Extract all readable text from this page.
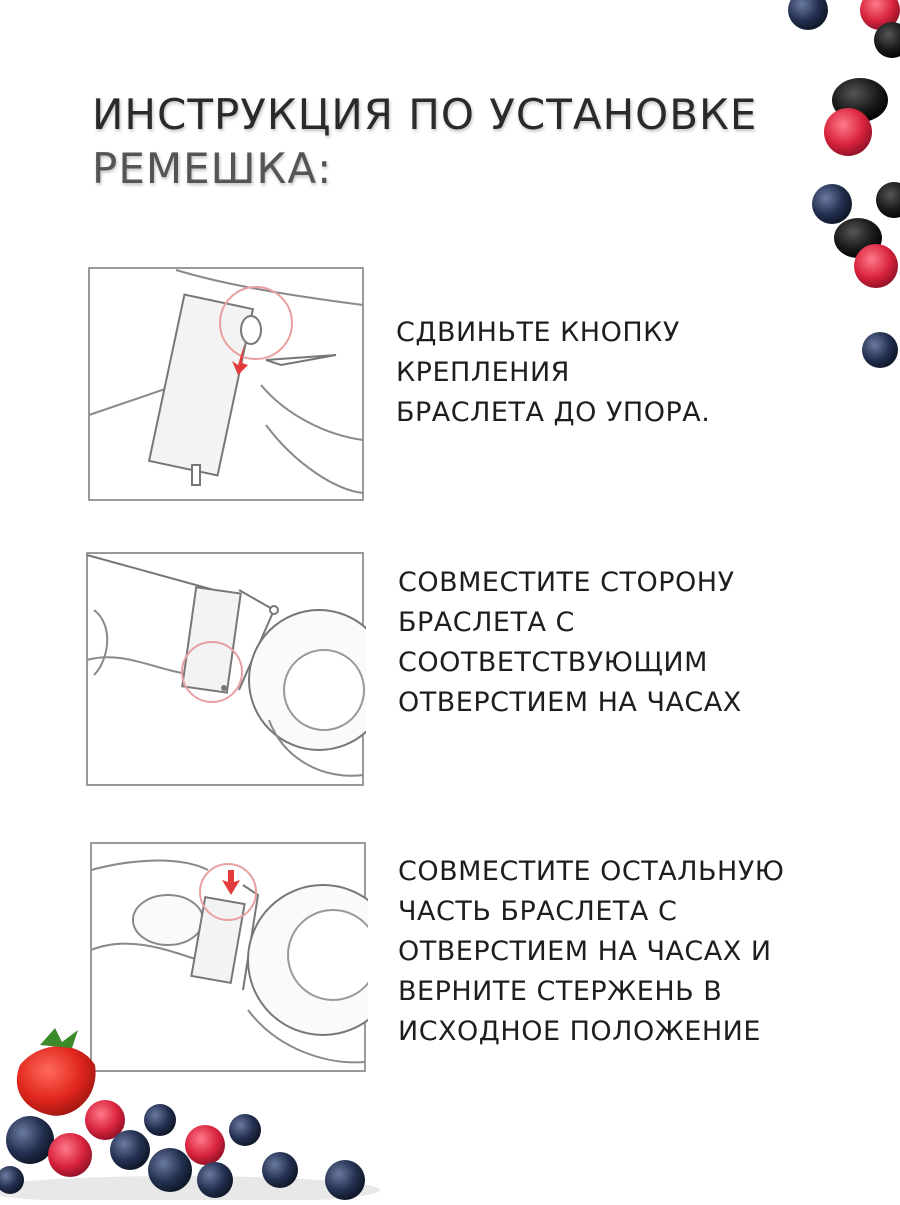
ИНСТРУКЦИЯ ПО УСТАНОВКЕ
РЕМЕШКА:
СДВИНЬТЕ КНОПКУ
КРЕПЛЕНИЯ
БРАСЛЕТА ДО УПОРА.
СОВМЕСТИТЕ СТОРОНУ
БРАСЛЕТА С
СООТВЕТСТВУЮЩИМ
ОТВЕРСТИЕМ НА ЧАСАХ
СОВМЕСТИТЕ ОСТАЛЬНУЮ
ЧАСТЬ БРАСЛЕТА С
ОТВЕРСТИЕМ НА ЧАСАХ И
ВЕРНИТЕ СТЕРЖЕНЬ В
ИСХОДНОЕ ПОЛОЖЕНИЕ
